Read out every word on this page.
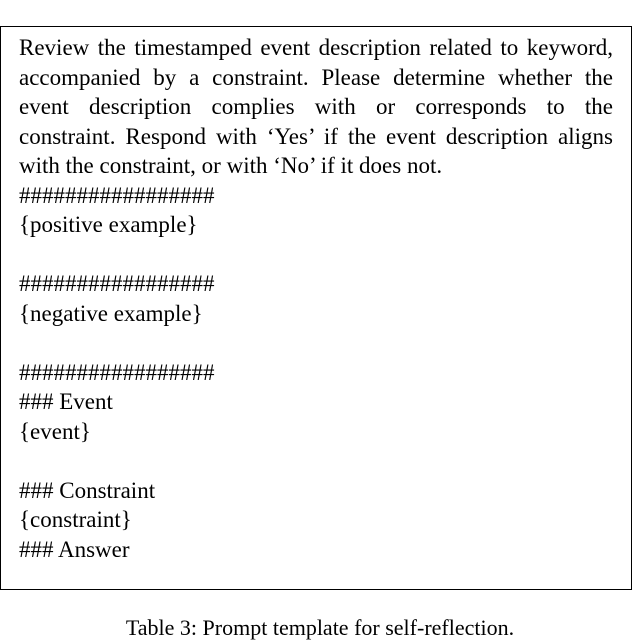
Review the timestamped event description related to keyword, accompanied by a constraint. Please determine whether the event description complies with or corresponds to the constraint. Respond with ‘Yes’ if the event description aligns with the constraint, or with ‘No’ if it does not.

#################

{positive example}

#################

{negative example}

#################

### Event

{event}

### Constraint

{constraint}

### Answer

Table 3: Prompt template for self-reflection.
